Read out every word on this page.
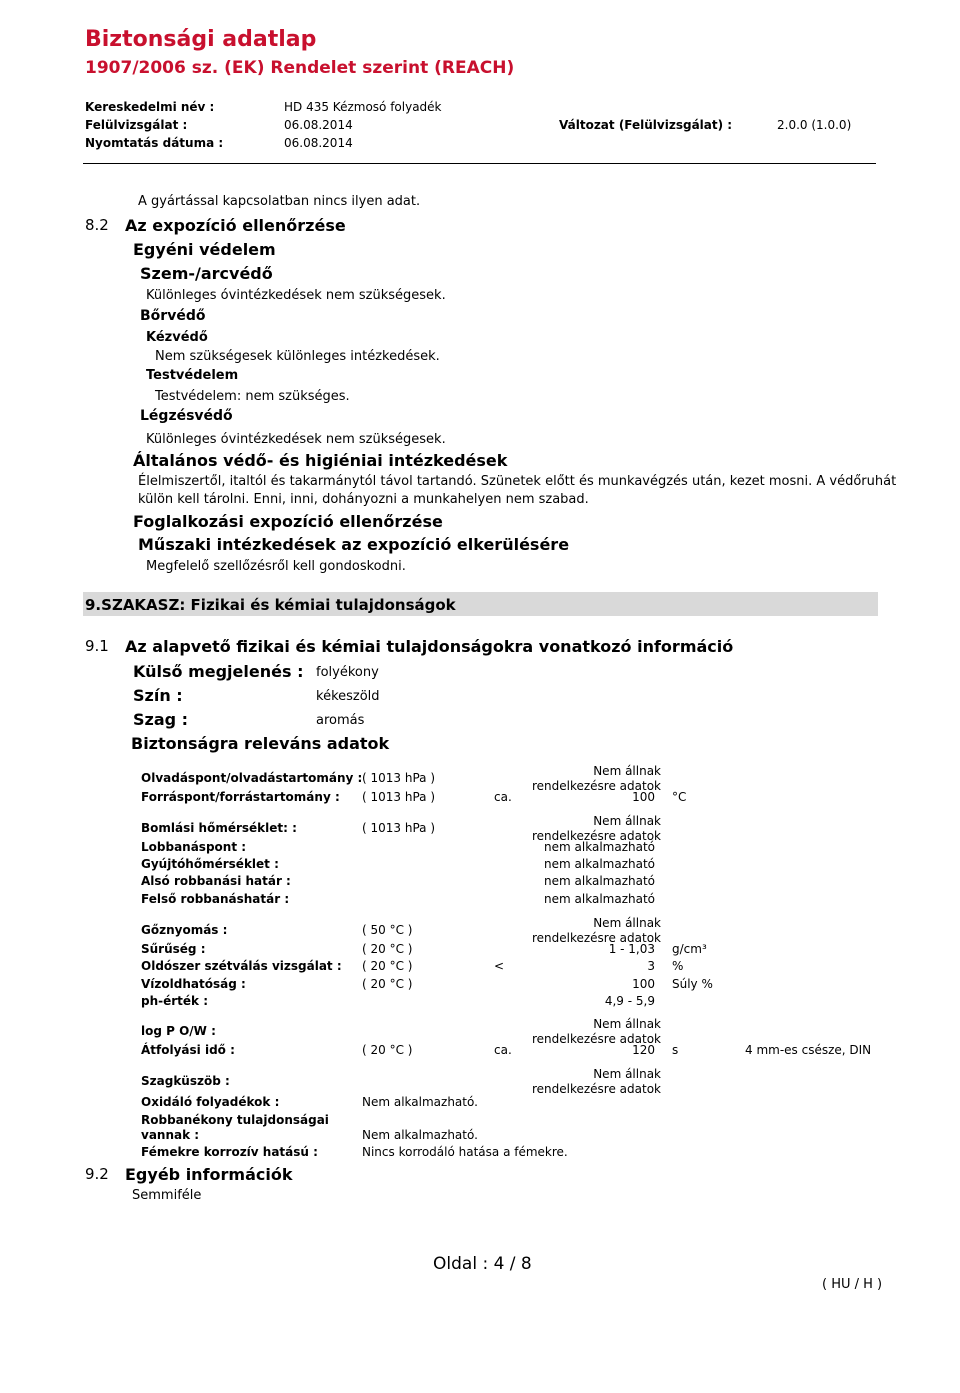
Biztonsági adatlap
1907/2006 sz. (EK) Rendelet szerint (REACH)
Kereskedelmi név :	HD 435 Kézmosó folyadék
Felülvizsgálat :	06.08.2014	Változat (Felülvizsgálat) :	2.0.0 (1.0.0)
Nyomtatás dátuma :	06.08.2014
A gyártással kapcsolatban nincs ilyen adat.
8.2 Az expozíció ellenőrzése
Egyéni védelem
Szem-/arcvédő
Különleges óvintézkedések nem szükségesek.
Bőrvédő
Kézvédő
Nem szükségesek különleges intézkedések.
Testvédelem
Testvédelem: nem szükséges.
Légzésvédő
Különleges óvintézkedések nem szükségesek.
Általános védő- és higiéniai intézkedések
Élelmiszertől, italtól és takarmánytól távol tartandó. Szünetek előtt és munkavégzés után, kezet mosni. A védőruhát
külön kell tárolni. Enni, inni, dohányozni a munkahelyen nem szabad.
Foglalkozási expozíció ellenőrzése
Műszaki intézkedések az expozíció elkerülésére
Megfelelő szellőzésről kell gondoskodni.
9.SZAKASZ: Fizikai és kémiai tulajdonságok
9.1 Az alapvető fizikai és kémiai tulajdonságokra vonatkozó információ
Külső megjelenés : folyékony
Szín :	kékeszöld
Szag :	aromás
Biztonságra releváns adatok
Olvadáspont/olvadástartomány : ( 1013 hPa )	Nem állnak rendelkezésre adatok
Forráspont/forrástartomány : ( 1013 hPa )	ca.	100 °C
Bomlási hőmérséklet: :	( 1013 hPa )	Nem állnak rendelkezésre adatok
Lobbanáspont :	nem alkalmazható
Gyújtóhőmérséklet :	nem alkalmazható
Alsó robbanási határ :	nem alkalmazható
Felső robbanáshatár :	nem alkalmazható
Gőznyomás :	( 50 °C )	Nem állnak rendelkezésre adatok
Sűrűség :	( 20 °C )	1 - 1,03 g/cm³
Oldószer szétválás vizsgálat : ( 20 °C )	<	3 %
Vízoldhatóság :	( 20 °C )	100 Súly %
ph-érték :	4,9 - 5,9
log P O/W :	Nem állnak rendelkezésre adatok
Átfolyási idő :	( 20 °C )	ca.	120 s	4 mm-es csésze, DIN
Szagküszöb :	Nem állnak rendelkezésre adatok
Oxidáló folyadékok :	Nem alkalmazható.
Robbanékony tulajdonságai
vannak :	Nem alkalmazható.
Fémekre korrozív hatású :	Nincs korrodáló hatása a fémekre.
9.2 Egyéb információk
Semmiféle
Oldal : 4 / 8
( HU / H )
